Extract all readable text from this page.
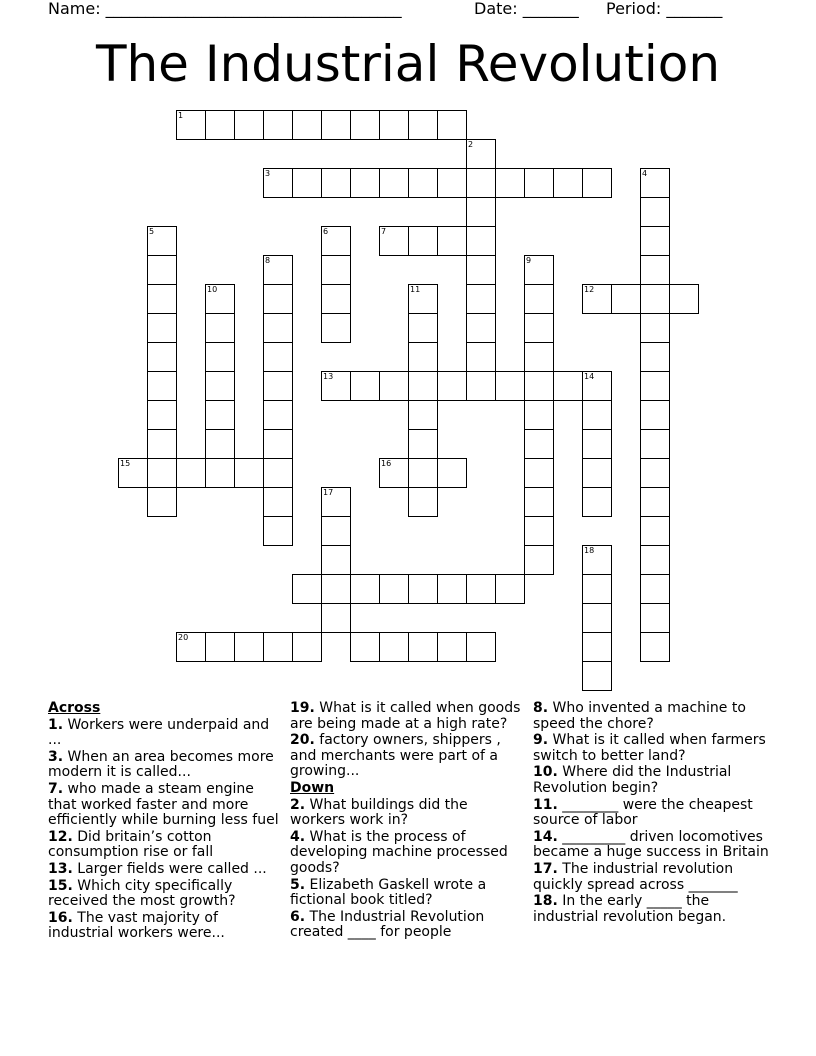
Name: _____________________________________	Date: _______ Period: _______
The Industrial Revolution
1
2
3	4
5	6	7
8	9
10	11	12
13	14
15	16
17
18
20
Across
1. Workers were underpaid and ...
3. When an area becomes more modern it is called...
7. who made a steam engine that worked faster and more efficiently while burning less fuel
12. Did britain’s cotton consumption rise or fall
13. Larger fields were called ...
15. Which city specifically received the most growth?
16. The vast majority of industrial workers were...
19. What is it called when goods are being made at a high rate?
20. factory owners, shippers , and merchants were part of a growing...
Down
2. What buildings did the workers work in?
4. What is the process of developing machine processed goods?
5. Elizabeth Gaskell wrote a fictional book titled?
6. The Industrial Revolution created ____ for people
8. Who invented a machine to speed the chore?
9. What is it called when farmers switch to better land?
10. Where did the Industrial Revolution begin?
11. ________ were the cheapest source of labor
14. _________ driven locomotives became a huge success in Britain
17. The industrial revolution quickly spread across _______
18. In the early _____ the industrial revolution began.
